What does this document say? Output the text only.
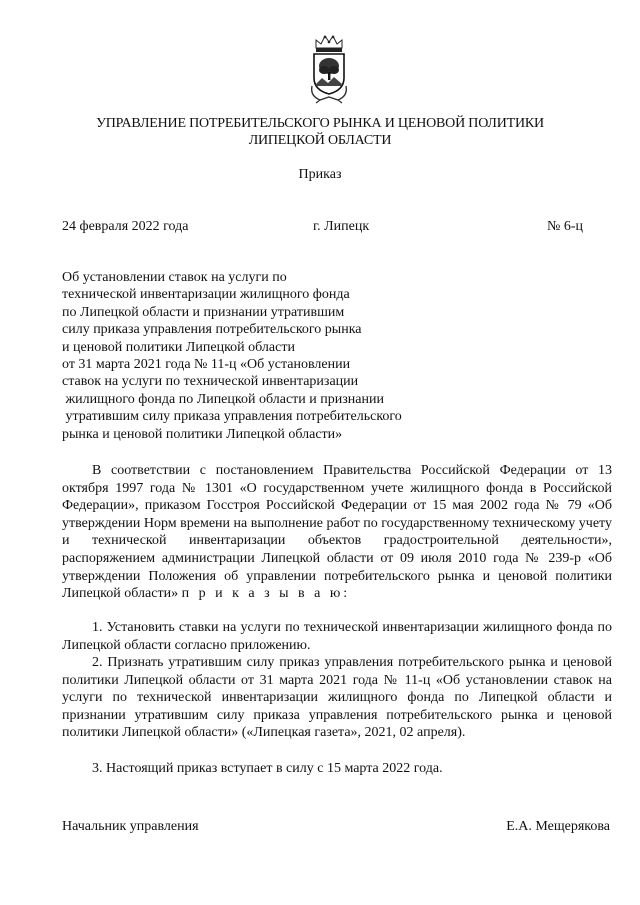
УПРАВЛЕНИЕ ПОТРЕБИТЕЛЬСКОГО РЫНКА И ЦЕНОВОЙ ПОЛИТИКИ
ЛИПЕЦКОЙ ОБЛАСТИ
Приказ
24 февраля 2022 года	г. Липецк	№ 6-ц
Об установлении ставок на услуги по
технической инвентаризации жилищного фонда
по Липецкой области и признании утратившим
силу приказа управления потребительского рынка
и ценовой политики Липецкой области
от 31 марта 2021 года № 11-ц «Об установлении
ставок на услуги по технической инвентаризации
жилищного фонда по Липецкой области и признании
утратившим силу приказа управления потребительского
рынка и ценовой политики Липецкой области»
В соответствии с постановлением Правительства Российской Федерации от 13 октября 1997 года № 1301 «О государственном учете жилищного фонда в Российской Федерации», приказом Госстроя Российской Федерации от 15 мая 2002 года № 79 «Об утверждении Норм времени на выполнение работ по государственному техническому учету и технической инвентаризации объектов градостроительной деятельности», распоряжением администрации Липецкой области от 09 июля 2010 года № 239-р «Об утверждении Положения об управлении потребительского рынка и ценовой политики Липецкой области» п р и к а з ы в а ю:
1. Установить ставки на услуги по технической инвентаризации жилищного фонда по Липецкой области согласно приложению.
2. Признать утратившим силу приказ управления потребительского рынка и ценовой политики Липецкой области от 31 марта 2021 года № 11-ц «Об установлении ставок на услуги по технической инвентаризации жилищного фонда по Липецкой области и признании утратившим силу приказа управления потребительского рынка и ценовой политики Липецкой области» («Липецкая газета», 2021, 02 апреля).
3. Настоящий приказ вступает в силу с 15 марта 2022 года.
Начальник управления	Е.А. Мещерякова
